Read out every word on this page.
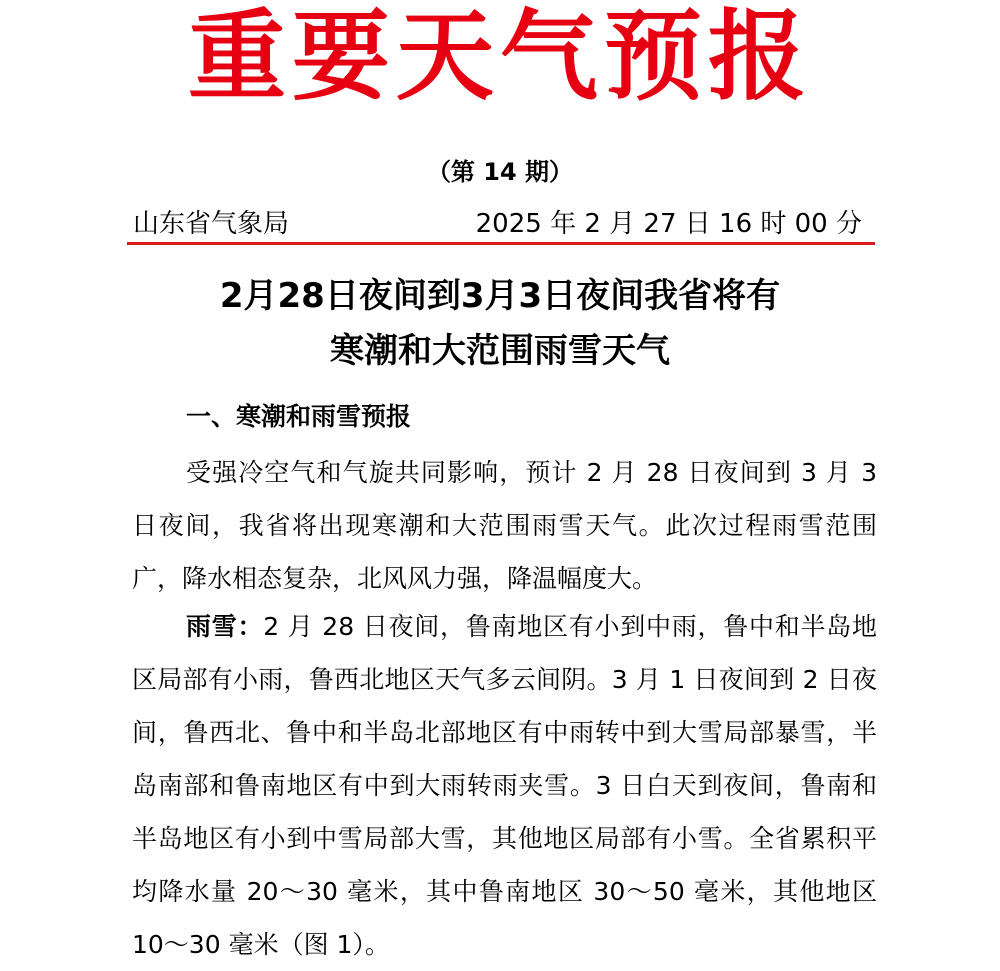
重要天气预报
（第 14 期）
山东省气象局	2025 年 2 月 27 日 16 时 00 分
2月28日夜间到3月3日夜间我省将有
寒潮和大范围雨雪天气
一、寒潮和雨雪预报
受强冷空气和气旋共同影响，预计 2 月 28 日夜间到 3 月 3 日夜间，我省将出现寒潮和大范围雨雪天气。此次过程雨雪范围广，降水相态复杂，北风风力强，降温幅度大。
雨雪：2 月 28 日夜间，鲁南地区有小到中雨，鲁中和半岛地区局部有小雨，鲁西北地区天气多云间阴。3 月 1 日夜间到 2 日夜间，鲁西北、鲁中和半岛北部地区有中雨转中到大雪局部暴雪，半岛南部和鲁南地区有中到大雨转雨夹雪。3 日白天到夜间，鲁南和半岛地区有小到中雪局部大雪，其他地区局部有小雪。全省累积平均降水量 20～30 毫米，其中鲁南地区 30～50 毫米，其他地区 10～30 毫米（图 1）。
